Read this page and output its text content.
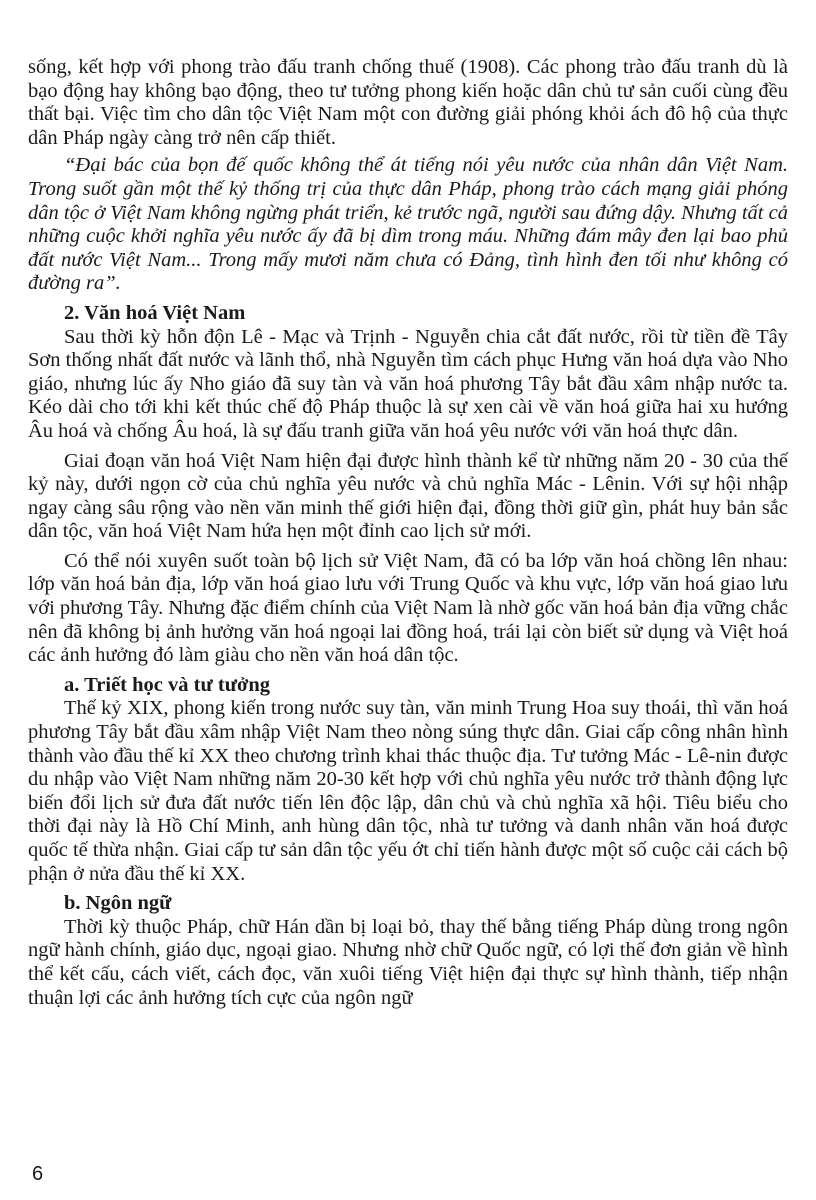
sống, kết hợp với phong trào đấu tranh chống thuế (1908). Các phong trào đấu tranh dù là bạo động hay không bạo động, theo tư tưởng phong kiến hoặc dân chủ tư sản cuối cùng đều thất bại. Việc tìm cho dân tộc Việt Nam một con đường giải phóng khỏi ách đô hộ của thực dân Pháp ngày càng trở nên cấp thiết.

“Đại bác của bọn đế quốc không thể át tiếng nói yêu nước của nhân dân Việt Nam. Trong suốt gần một thế kỷ thống trị của thực dân Pháp, phong trào cách mạng giải phóng dân tộc ở Việt Nam không ngừng phát triển, kẻ trước ngã, người sau đứng dậy. Nhưng tất cả những cuộc khởi nghĩa yêu nước ấy đã bị dìm trong máu. Những đám mây đen lại bao phủ đất nước Việt Nam... Trong mấy mươi năm chưa có Đảng, tình hình đen tối như không có đường ra”.

2. Văn hoá Việt Nam

Sau thời kỳ hỗn độn Lê - Mạc và Trịnh - Nguyễn chia cắt đất nước, rồi từ tiền đề Tây Sơn thống nhất đất nước và lãnh thổ, nhà Nguyễn tìm cách phục Hưng văn hoá dựa vào Nho giáo, nhưng lúc ấy Nho giáo đã suy tàn và văn hoá phương Tây bắt đầu xâm nhập nước ta. Kéo dài cho tới khi kết thúc chế độ Pháp thuộc là sự xen cài về văn hoá giữa hai xu hướng Âu hoá và chống Âu hoá, là sự đấu tranh giữa văn hoá yêu nước với văn hoá thực dân.

Giai đoạn văn hoá Việt Nam hiện đại được hình thành kể từ những năm 20 - 30 của thế kỷ này, dưới ngọn cờ của chủ nghĩa yêu nước và chủ nghĩa Mác - Lênin. Với sự hội nhập ngay càng sâu rộng vào nền văn minh thế giới hiện đại, đồng thời giữ gìn, phát huy bản sắc dân tộc, văn hoá Việt Nam hứa hẹn một đỉnh cao lịch sử mới.

Có thể nói xuyên suốt toàn bộ lịch sử Việt Nam, đã có ba lớp văn hoá chồng lên nhau: lớp văn hoá bản địa, lớp văn hoá giao lưu với Trung Quốc và khu vực, lớp văn hoá giao lưu với phương Tây. Nhưng đặc điểm chính của Việt Nam là nhờ gốc văn hoá bản địa vững chắc nên đã không bị ảnh hưởng văn hoá ngoại lai đồng hoá, trái lại còn biết sử dụng và Việt hoá các ảnh hưởng đó làm giàu cho nền văn hoá dân tộc.

a. Triết học và tư tưởng

Thế kỷ XIX, phong kiến trong nước suy tàn, văn minh Trung Hoa suy thoái, thì văn hoá phương Tây bắt đầu xâm nhập Việt Nam theo nòng súng thực dân. Giai cấp công nhân hình thành vào đầu thế kỉ XX theo chương trình khai thác thuộc địa. Tư tưởng Mác - Lê-nin được du nhập vào Việt Nam những năm 20-30 kết hợp với chủ nghĩa yêu nước trở thành động lực biến đổi lịch sử đưa đất nước tiến lên độc lập, dân chủ và chủ nghĩa xã hội. Tiêu biểu cho thời đại này là Hồ Chí Minh, anh hùng dân tộc, nhà tư tưởng và danh nhân văn hoá được quốc tế thừa nhận. Giai cấp tư sản dân tộc yếu ớt chỉ tiến hành được một số cuộc cải cách bộ phận ở nửa đầu thế kỉ XX.

b. Ngôn ngữ

Thời kỳ thuộc Pháp, chữ Hán dần bị loại bỏ, thay thế bằng tiếng Pháp dùng trong ngôn ngữ hành chính, giáo dục, ngoại giao. Nhưng nhờ chữ Quốc ngữ, có lợi thế đơn giản về hình thể kết cấu, cách viết, cách đọc, văn xuôi tiếng Việt hiện đại thực sự hình thành, tiếp nhận thuận lợi các ảnh hưởng tích cực của ngôn ngữ

6
